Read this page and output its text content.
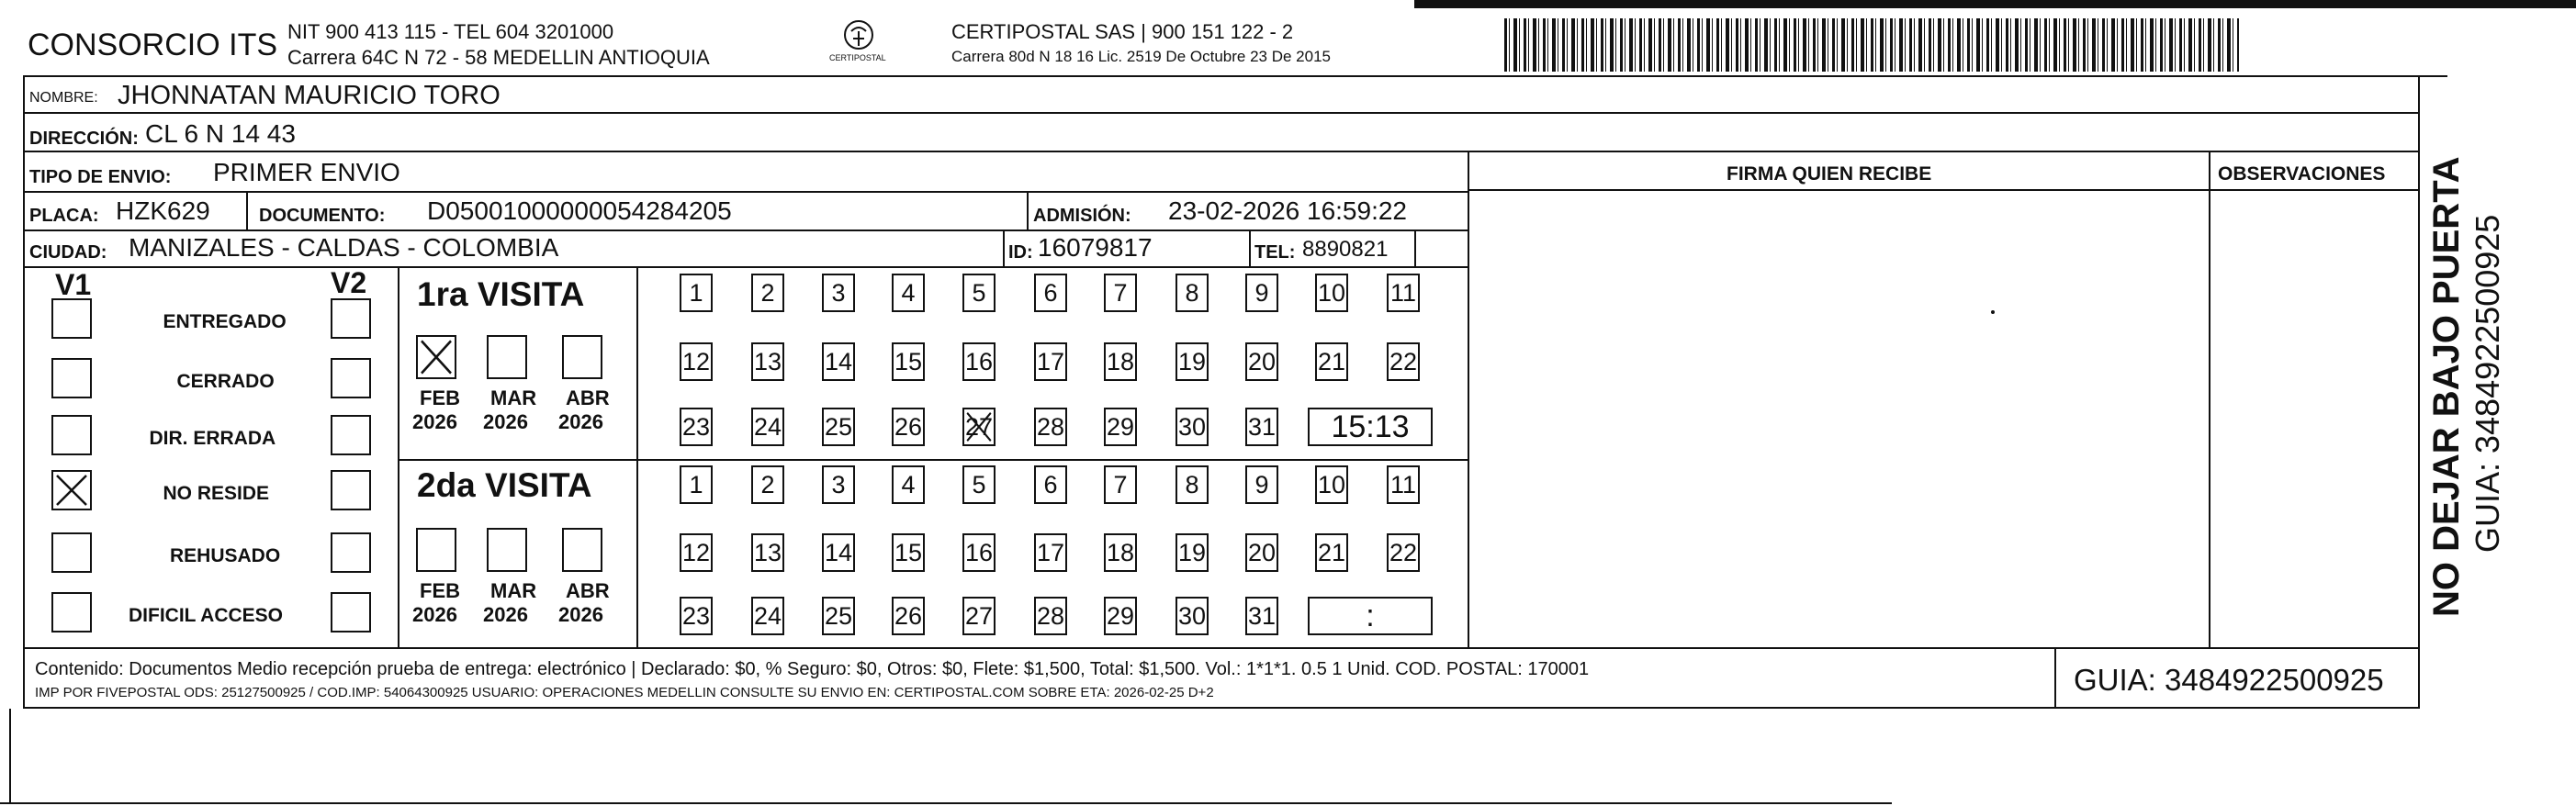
CONSORCIO ITS NIT 900 413 115 - TEL 604 3201000
Carrera 64C N 72 - 58 MEDELLIN ANTIOQUIA	CERTIPOSTAL
CERTIPOSTAL SAS | 900 151 122 - 2
Carrera 80d N 18 16 Lic. 2519 De Octubre 23 De 2015
NOMBRE: JHONNATAN MAURICIO TORO
DIRECCIÓN: CL 6 N 14 43
TIPO DE ENVIO: PRIMER ENVIO	FIRMA QUIEN RECIBE	OBSERVACIONES
PLACA: HZK629	DOCUMENTO: D05001000000054284205	ADMISIÓN: 23-02-2026 16:59:22
CIUDAD: MANIZALES - CALDAS - COLOMBIA	ID: 16079817	TEL: 8890821
V1	V2
ENTREGADO
CERRADO
DIR. ERRADA
NO RESIDE
REHUSADO
DIFICIL ACCESO
1ra VISITA
2da VISITA
FEB
2026
MAR
2026
ABR
2026
FEB
2026
MAR
2026
ABR
2026
1	2	3	4	5	6	7	8	9	10 11
12 13 14 15 16 17 18 19 20 21 22
23 24 25 26 27 28 29 30 31	15:13
1	2	3	4	5	6	7	8	9	10 11
12 13 14 15 16 17 18 19 20 21 22
23 24 25 26 27 28 29 30 31	:
Contenido: Documentos Medio recepción prueba de entrega: electrónico | Declarado: $0, % Seguro: $0, Otros: $0, Flete: $1,500, Total: $1,500. Vol.: 1*1*1. 0.5 1 Unid. COD. POSTAL: 170001
IMP POR FIVEPOSTAL ODS: 25127500925 / COD.IMP: 54064300925 USUARIO: OPERACIONES MEDELLIN CONSULTE SU ENVIO EN: CERTIPOSTAL.COM SOBRE ETA: 2026-02-25 D+2	GUIA: 3484922500925
NO DEJAR BAJO PUERTA GUIA: 3484922500925
